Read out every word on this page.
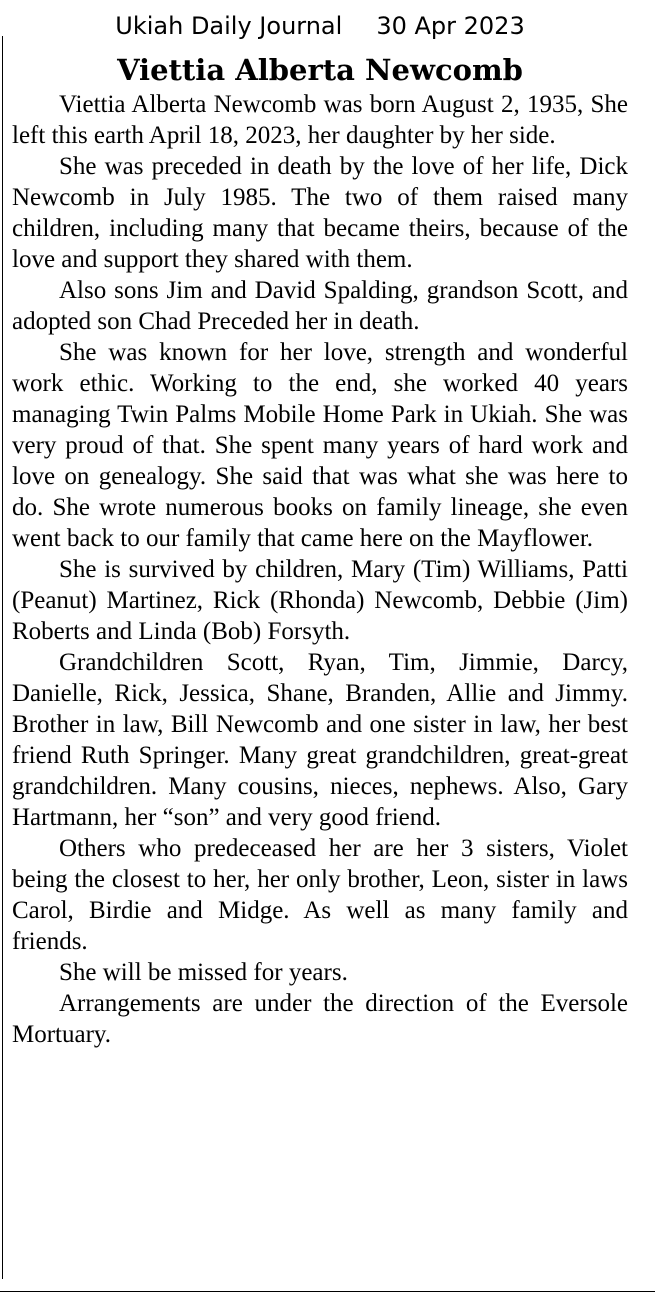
Ukiah Daily Journal 30 Apr 2023
Viettia Alberta Newcomb

Viettia Alberta Newcomb was born August 2, 1935, She left this earth April 18, 2023, her daughter by her side.

She was preceded in death by the love of her life, Dick Newcomb in July 1985. The two of them raised many children, including many that became theirs, because of the love and support they shared with them.

Also sons Jim and David Spalding, grandson Scott, and adopted son Chad Preceded her in death.

She was known for her love, strength and wonderful work ethic. Working to the end, she worked 40 years managing Twin Palms Mobile Home Park in Ukiah. She was very proud of that. She spent many years of hard work and love on genealogy. She said that was what she was here to do. She wrote numerous books on family lineage, she even went back to our family that came here on the Mayflower.

She is survived by children, Mary (Tim) Williams, Patti (Peanut) Martinez, Rick (Rhonda) Newcomb, Debbie (Jim) Roberts and Linda (Bob) Forsyth.

Grandchildren Scott, Ryan, Tim, Jimmie, Darcy, Danielle, Rick, Jessica, Shane, Branden, Allie and Jimmy. Brother in law, Bill Newcomb and one sister in law, her best friend Ruth Springer. Many great grandchildren, great-great grandchildren. Many cousins, nieces, nephews. Also, Gary Hartmann, her “son” and very good friend.

Others who predeceased her are her 3 sisters, Violet being the closest to her, her only brother, Leon, sister in laws Carol, Birdie and Midge. As well as many family and friends.

She will be missed for years.

Arrangements are under the direction of the Eversole Mortuary.
